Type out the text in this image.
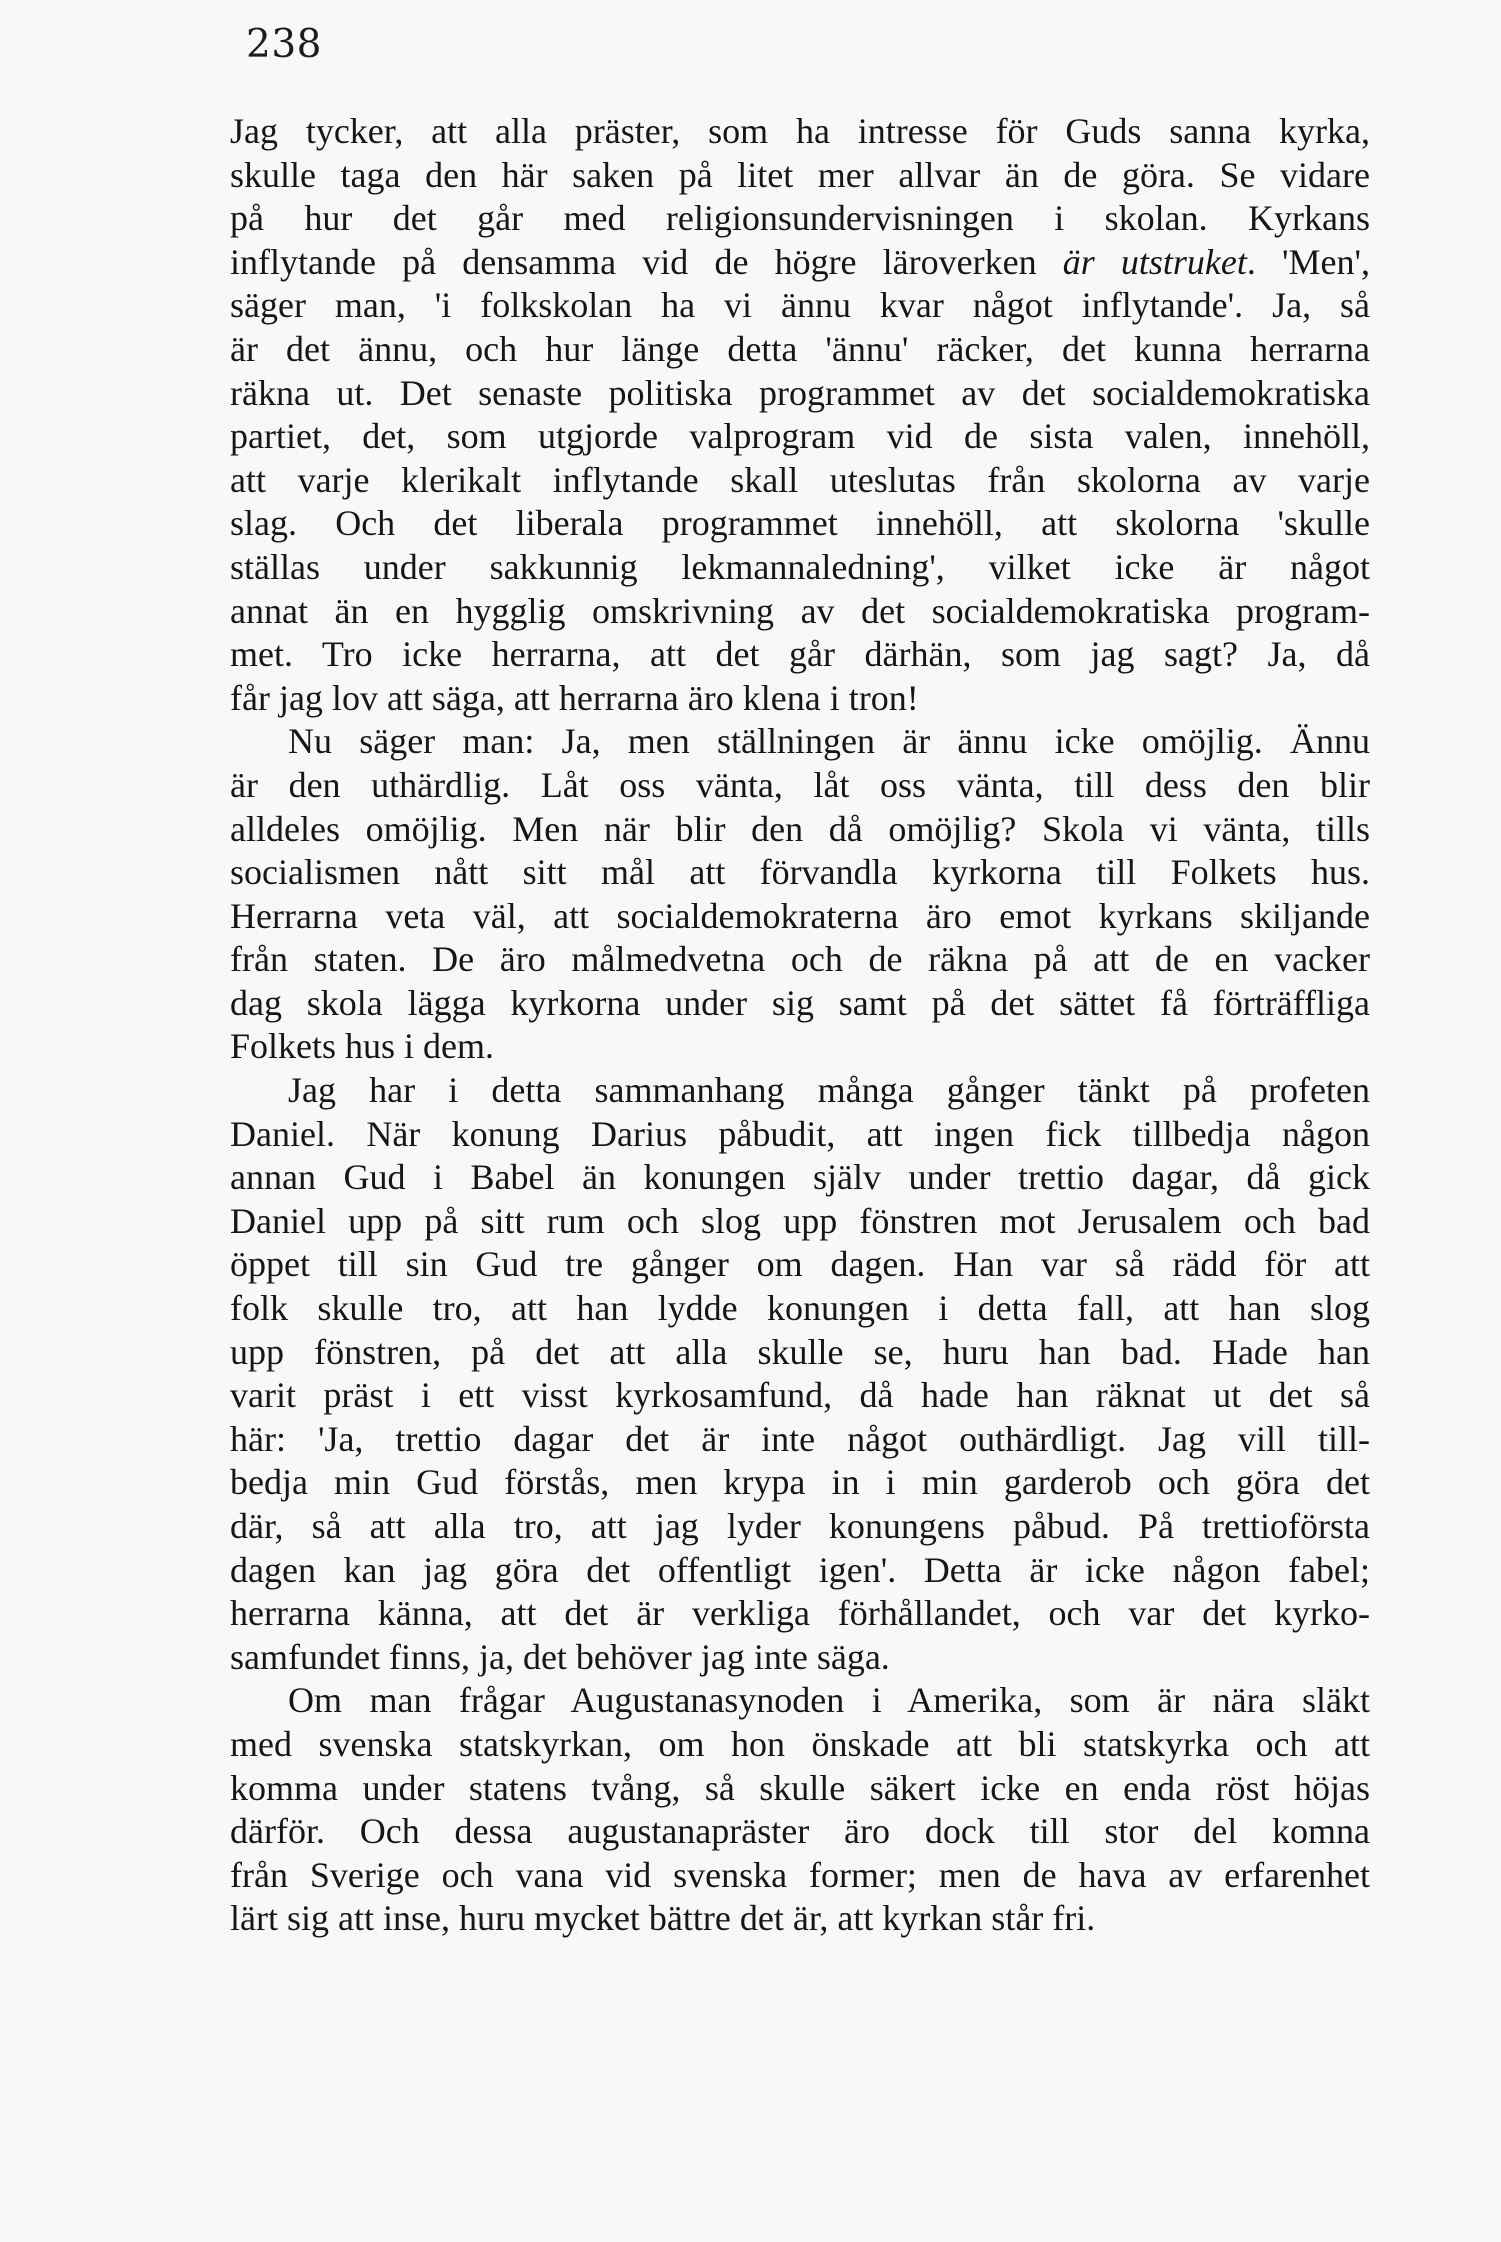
238
Jag tycker, att alla präster, som ha intresse för Guds sanna kyrka,
skulle taga den här saken på litet mer allvar än de göra. Se vidare
på hur det går med religionsundervisningen i skolan. Kyrkans
inflytande på densamma vid de högre läroverken är utstruket. 'Men',
säger man, 'i folkskolan ha vi ännu kvar något inflytande'. Ja, så
är det ännu, och hur länge detta 'ännu' räcker, det kunna herrarna
räkna ut. Det senaste politiska programmet av det socialdemokratiska
partiet, det, som utgjorde valprogram vid de sista valen, innehöll,
att varje klerikalt inflytande skall uteslutas från skolorna av varje
slag. Och det liberala programmet innehöll, att skolorna 'skulle
ställas under sakkunnig lekmannaledning', vilket icke är något
annat än en hygglig omskrivning av det socialdemokratiska program-
met. Tro icke herrarna, att det går därhän, som jag sagt? Ja, då
får jag lov att säga, att herrarna äro klena i tron!
Nu säger man: Ja, men ställningen är ännu icke omöjlig. Ännu
är den uthärdlig. Låt oss vänta, låt oss vänta, till dess den blir
alldeles omöjlig. Men när blir den då omöjlig? Skola vi vänta, tills
socialismen nått sitt mål att förvandla kyrkorna till Folkets hus.
Herrarna veta väl, att socialdemokraterna äro emot kyrkans skiljande
från staten. De äro målmedvetna och de räkna på att de en vacker
dag skola lägga kyrkorna under sig samt på det sättet få förträffliga
Folkets hus i dem.
Jag har i detta sammanhang många gånger tänkt på profeten
Daniel. När konung Darius påbudit, att ingen fick tillbedja någon
annan Gud i Babel än konungen själv under trettio dagar, då gick
Daniel upp på sitt rum och slog upp fönstren mot Jerusalem och bad
öppet till sin Gud tre gånger om dagen. Han var så rädd för att
folk skulle tro, att han lydde konungen i detta fall, att han slog
upp fönstren, på det att alla skulle se, huru han bad. Hade han
varit präst i ett visst kyrkosamfund, då hade han räknat ut det så
här: 'Ja, trettio dagar det är inte något outhärdligt. Jag vill till-
bedja min Gud förstås, men krypa in i min garderob och göra det
där, så att alla tro, att jag lyder konungens påbud. På trettioförsta
dagen kan jag göra det offentligt igen'. Detta är icke någon fabel;
herrarna känna, att det är verkliga förhållandet, och var det kyrko-
samfundet finns, ja, det behöver jag inte säga.
Om man frågar Augustanasynoden i Amerika, som är nära släkt
med svenska statskyrkan, om hon önskade att bli statskyrka och att
komma under statens tvång, så skulle säkert icke en enda röst höjas
därför. Och dessa augustanapräster äro dock till stor del komna
från Sverige och vana vid svenska former; men de hava av erfarenhet
lärt sig att inse, huru mycket bättre det är, att kyrkan står fri.
